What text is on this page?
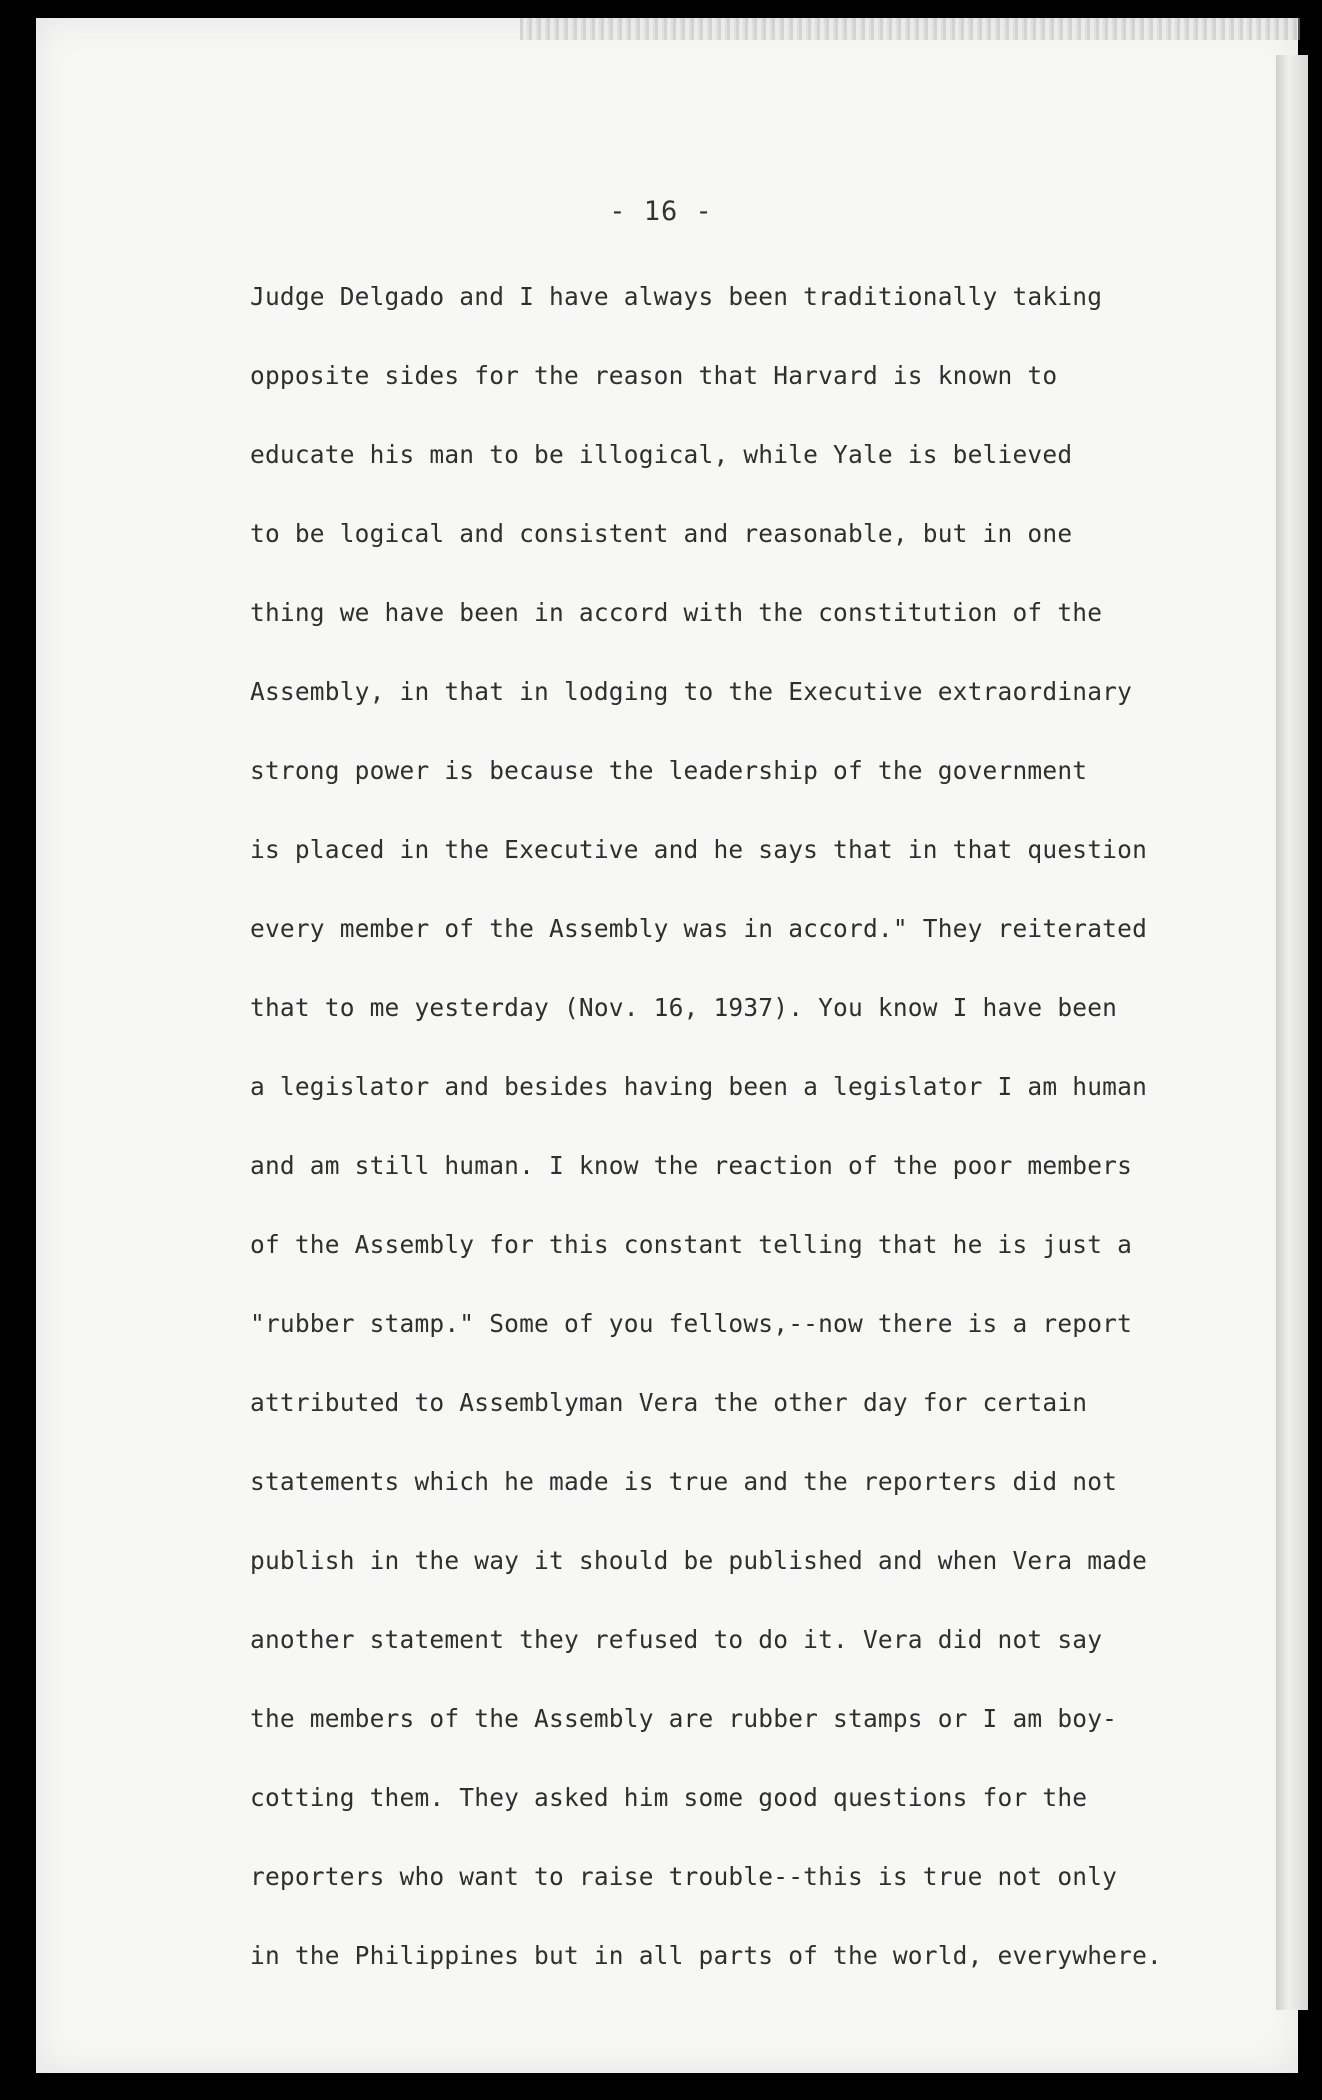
- 16 -

Judge Delgado and I have always been traditionally taking

opposite sides for the reason that Harvard is known to

educate his man to be illogical, while Yale is believed

to be logical and consistent and reasonable, but in one

thing we have been in accord with the constitution of the

Assembly, in that in lodging to the Executive extraordinary

strong power is because the leadership of the government

is placed in the Executive and he says that in that question

every member of the Assembly was in accord." They reiterated

that to me yesterday (Nov. 16, 1937). You know I have been

a legislator and besides having been a legislator I am human

and am still human. I know the reaction of the poor members

of the Assembly for this constant telling that he is just a

"rubber stamp." Some of you fellows,--now there is a report

attributed to Assemblyman Vera the other day for certain

statements which he made is true and the reporters did not

publish in the way it should be published and when Vera made

another statement they refused to do it. Vera did not say

the members of the Assembly are rubber stamps or I am boy-

cotting them. They asked him some good questions for the

reporters who want to raise trouble--this is true not only

in the Philippines but in all parts of the world, everywhere.
